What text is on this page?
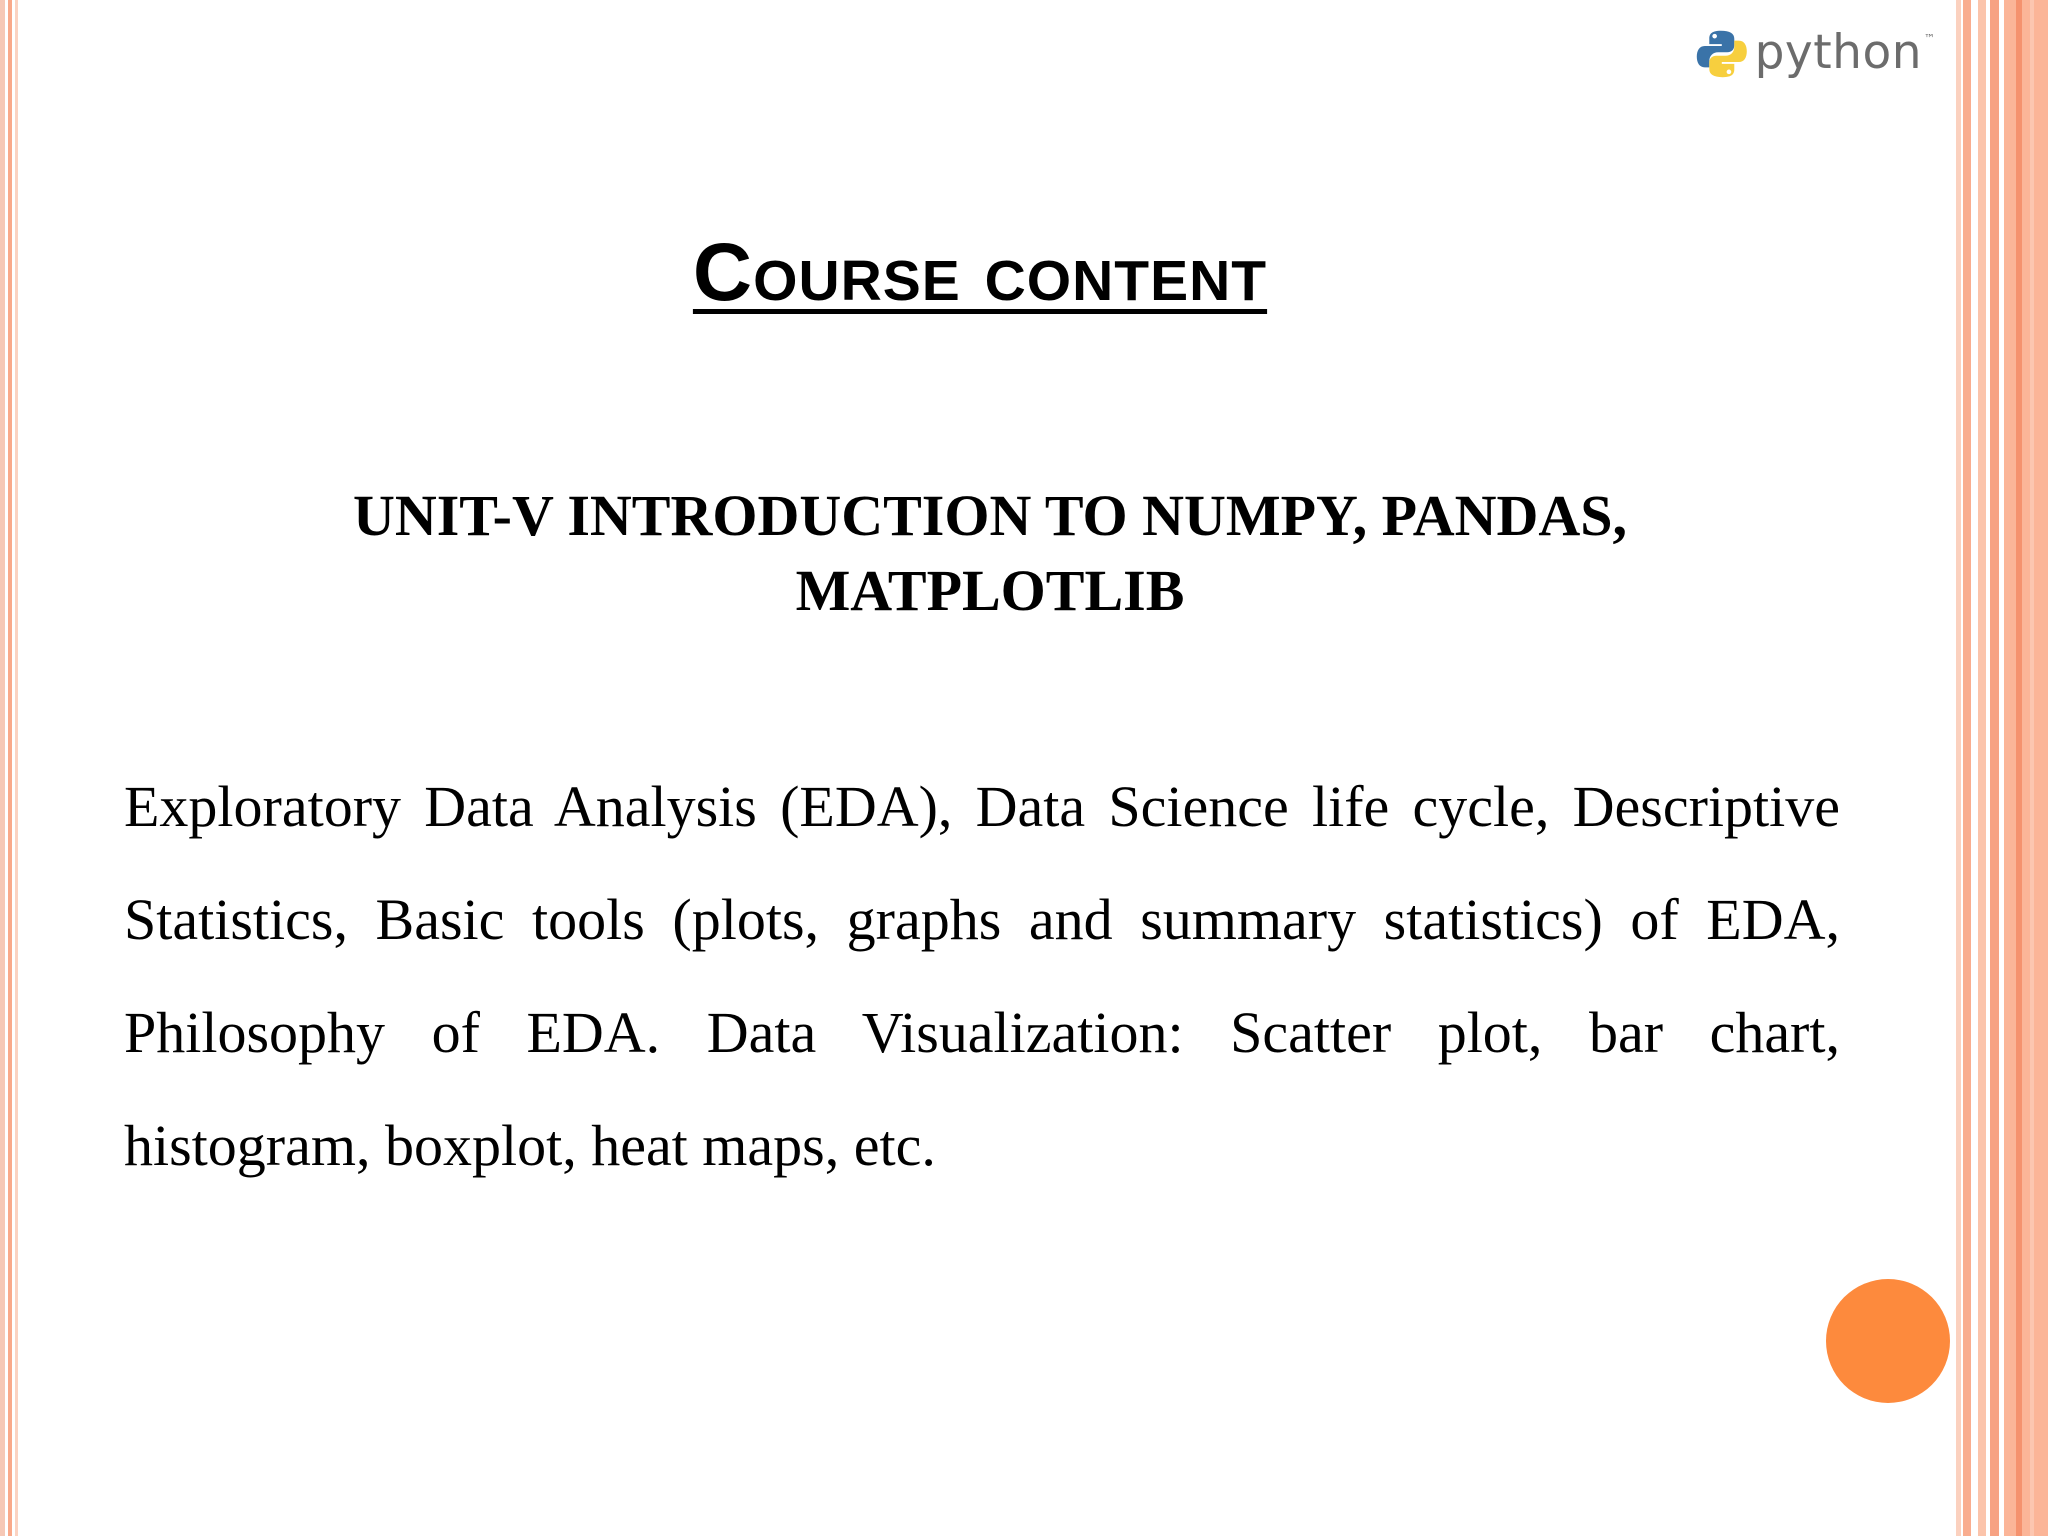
python ™
Course content
UNIT-V INTRODUCTION TO NUMPY, PANDAS, MATPLOTLIB
Exploratory Data Analysis (EDA), Data Science life cycle, Descriptive Statistics, Basic tools (plots, graphs and summary statistics) of EDA, Philosophy of EDA. Data Visualization: Scatter plot, bar chart, histogram, boxplot, heat maps, etc.
